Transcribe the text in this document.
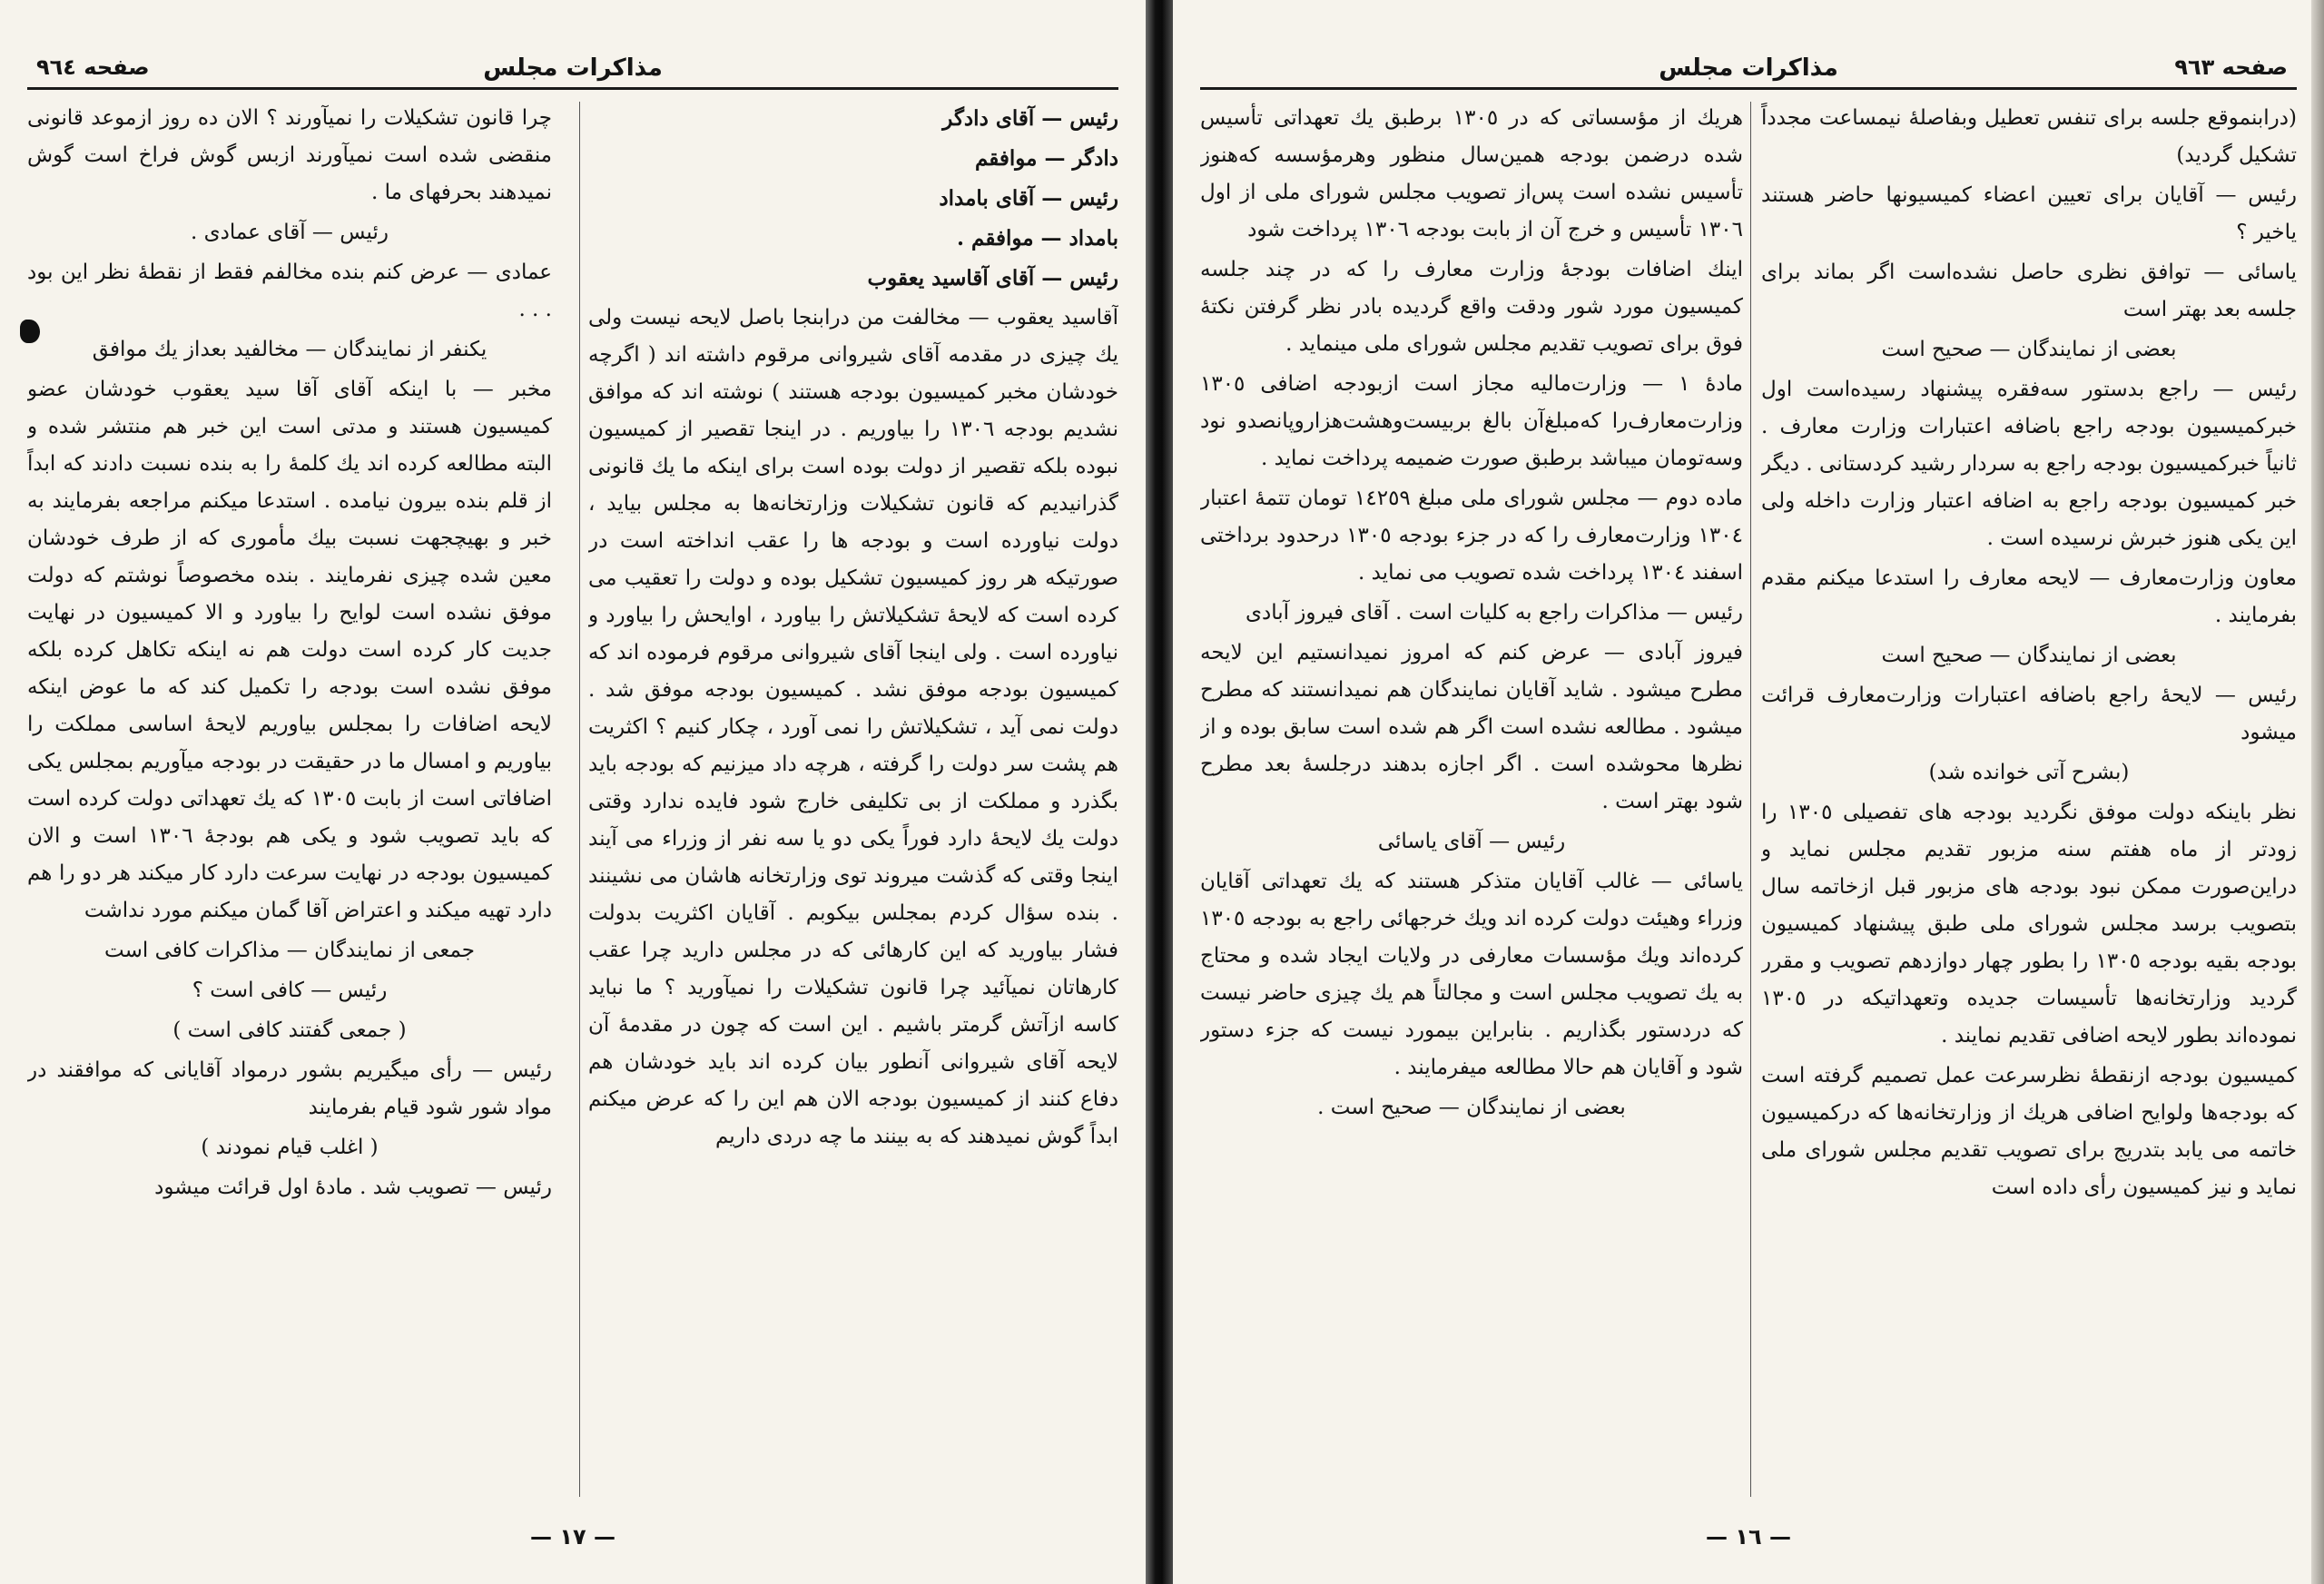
صفحه ٩٦٤	مذاكرات مجلس

رئیس — آقای دادگر

دادگر — موافقم

رئیس — آقای بامداد

بامداد — موافقم .

رئیس — آقای آقاسید یعقوب

آقاسید یعقوب — مخالفت من درابنجا باصل لایحه نیست ولی یك چیزی در مقدمه آقای شیروانی مرقوم داشته اند ( اگرچه خودشان مخبر کمیسیون بودجه هستند ) نوشته اند که موافق نشدیم بودجه ١٣٠٦ را بیاوریم . در اینجا تقصیر از کمیسیون نبوده بلکه تقصیر از دولت بوده است برای اینکه ما یك قانونی گذرانیدیم که قانون تشکیلات وزارتخانه‌ها به مجلس بیاید ، دولت نیاورده است و بودجه ها را عقب انداخته است در صورتیکه هر روز کمیسیون تشکیل بوده و دولت را تعقیب می کرده است که لایحهٔ تشکیلاتش را بیاورد ، اوایحش را بیاورد و نیاورده است . ولی اینجا آقای شیروانی مرقوم فرموده اند که کمیسیون بودجه موفق نشد . کمیسیون بودجه موفق شد . دولت نمی آید ، تشکیلاتش را نمی آورد ، چکار کنیم ؟ اکثریت هم پشت سر دولت را گرفته ، هرچه داد میزنیم که بودجه باید بگذرد و مملکت از بی تکلیفی خارج شود فایده ندارد وقتی دولت یك لایحهٔ دارد فوراً یکی دو یا سه نفر از وزراء می آیند اینجا وقتی که گذشت میروند توی وزارتخانه هاشان می نشینند . بنده سؤال کردم بمجلس بیکوبم . آقایان اکثریت بدولت فشار بیاورید که این کارهائی که در مجلس دارید چرا عقب کارهاتان نمیآئید چرا قانون تشکیلات را نمیآورید ؟ ما نباید کاسه ازآتش گرمتر باشیم . این است که چون در مقدمهٔ آن لایحه آقای شیروانی آنطور بیان کرده اند باید خودشان هم دفاع کنند از کمیسیون بودجه الان هم این را که عرض میکنم ابداً گوش نمیدهند که به بینند ما چه دردی داریم

چرا قانون تشکیلات را نمیآورند ؟ الان ده روز ازموعد قانونی منقضی شده است نمیآورند ازبس گوش فراخ است گوش نمیدهند بحرفهای ما .

رئیس — آقای عمادی .

عمادی — عرض کنم بنده مخالفم فقط از نقطهٔ نظر این بود . . .

یکنفر از نمایندگان — مخالفید بعداز یك موافق

مخبر — با اینکه آقای آقا سید یعقوب خودشان عضو کمیسیون هستند و مدتی است این خبر هم منتشر شده و البته مطالعه کرده اند یك کلمهٔ را به بنده نسبت دادند که ابداً از قلم بنده بیرون نیامده . استدعا میکنم مراجعه بفرمایند به خبر و بهیچجهت نسبت بیك مأموری که از طرف خودشان معین شده چیزی نفرمایند . بنده مخصوصاً نوشتم که دولت موفق نشده است لوایح را بیاورد و الا کمیسیون در نهایت جدیت کار کرده است دولت هم نه اینکه تکاهل کرده بلکه موفق نشده است بودجه را تکمیل کند که ما عوض اینکه لایحه اضافات را بمجلس بیاوریم لایحهٔ اساسی مملکت را بیاوریم و امسال ما در حقیقت در بودجه میآوریم بمجلس یکی اضافاتی است از بابت ١٣٠٥ که یك تعهداتی دولت کرده است که باید تصویب شود و یکی هم بودجهٔ ١٣٠٦ است و الان کمیسیون بودجه در نهایت سرعت دارد کار میکند هر دو را هم دارد تهیه میکند و اعتراض آقا گمان میکنم مورد نداشت

جمعی از نمایندگان — مذاکرات کافی است

رئیس — کافی است ؟

( جمعی گفتند کافی است )

رئیس — رأی میگیریم بشور درمواد آقایانی که موافقند در مواد شور شود قیام بفرمایند

( اغلب قیام نمودند )

رئیس — تصویب شد . مادهٔ اول قرائت میشود

— ١٧ —
صفحه ٩٦٣
مذاكرات مجلس

(درابنموقع جلسه برای تنفس تعطیل وبفاصلهٔ نیمساعت مجدداً تشکیل گردید)

رئیس — آقایان برای تعیین اعضاء کمیسیونها حاضر هستند یاخیر ؟

یاسائی — توافق نظری حاصل نشده‌است اگر بماند برای جلسه بعد بهتر است

بعضی از نمایندگان — صحیح است

رئیس — راجع بدستور سه‌فقره پیشنهاد رسیده‌است اول خبرکمیسیون بودجه راجع باضافه اعتبارات وزارت معارف . ثانیاً خبرکمیسیون بودجه راجع به سردار رشید کردستانی . دیگر خبر کمیسیون بودجه راجع به اضافه اعتبار وزارت داخله ولی این یکی هنوز خبرش نرسیده است .

معاون وزارت‌معارف — لایحه معارف را استدعا میکنم مقدم بفرمایند .

بعضی از نمایندگان — صحیح است

رئیس — لایحهٔ راجع باضافه اعتبارات وزارت‌معارف قرائت میشود

(بشرح آتی خوانده شد)

نظر باینکه دولت موفق نگردید بودجه های تفصیلی ١٣٠٥ را زودتر از ماه هفتم سنه مزبور تقدیم مجلس نماید و دراین‌صورت ممکن نبود بودجه های مزبور قبل ازخاتمه سال بتصویب برسد مجلس شورای ملی طبق پیشنهاد کمیسیون بودجه بقیه بودجه ١٣٠٥ را بطور چهار دوازدهم تصویب و مقرر گردید وزارتخانه‌ها تأسیسات جدیده وتعهداتیکه در ١٣٠٥ نموده‌اند بطور لایحه اضافی تقدیم نمایند .

کمیسیون بودجه ازنقطهٔ نظرسرعت عمل تصمیم گرفته است که بودجه‌ها ولوایح اضافی هریك از وزارتخانه‌ها که درکمیسیون خاتمه می یابد بتدریج برای تصویب تقدیم مجلس شورای ملی نماید و نیز کمیسیون رأی داده است

هریك از مؤسساتی که در ١٣٠٥ برطبق یك تعهداتی تأسیس شده درضمن بودجه همین‌سال منظور وهرمؤسسه که‌هنوز تأسیس نشده است پس‌از تصویب مجلس شورای ملی از اول ١٣٠٦ تأسیس و خرج آن از بابت بودجه ١٣٠٦ پرداخت شود

اینك اضافات بودجهٔ وزارت معارف را که در چند جلسه کمیسیون مورد شور ودقت واقع گردیده بادر نظر گرفتن نکتهٔ فوق برای تصویب تقدیم مجلس شورای ملی مینماید .

مادهٔ ١ — وزارت‌مالیه مجاز است ازبودجه اضافی ١٣٠٥ وزارت‌معارف‌را که‌مبلغ‌آن بالغ بربیست‌وهشت‌هزاروپانصدو نود وسه‌تومان میباشد برطبق صورت ضمیمه پرداخت نماید .

ماده دوم — مجلس شورای ملی مبلغ ١٤٢٥٩ تومان تتمهٔ اعتبار ١٣٠٤ وزارت‌معارف را که در جزء بودجه ١٣٠٥ درحدود برداختی اسفند ١٣٠٤ پرداخت شده تصویب می نماید .

رئیس — مذاکرات راجع به کلیات است . آقای فیروز آبادی

فیروز آبادی — عرض کنم که امروز نمیدانستیم این لایحه مطرح میشود . شاید آقایان نمایندگان هم نمیدانستند که مطرح میشود . مطالعه نشده است اگر هم شده است سابق بوده و از نظرها محوشده است . اگر اجازه بدهند درجلسهٔ بعد مطرح شود بهتر است .

رئیس — آقای یاسائی

یاسائی — غالب آقایان متذکر هستند که یك تعهداتی آقایان وزراء وهیئت دولت کرده اند ویك خرجهائی راجع به بودجه ١٣٠٥ کرده‌اند ویك مؤسسات معارفی در ولایات ایجاد شده و محتاج به یك تصویب مجلس است و مجالتاً هم یك چیزی حاضر نیست که دردستور بگذاریم . بنابراین بیمورد نیست که جزء دستور شود و آقایان هم حالا مطالعه میفرمایند .

بعضی از نمایندگان — صحیح است .

— ١٦ —
